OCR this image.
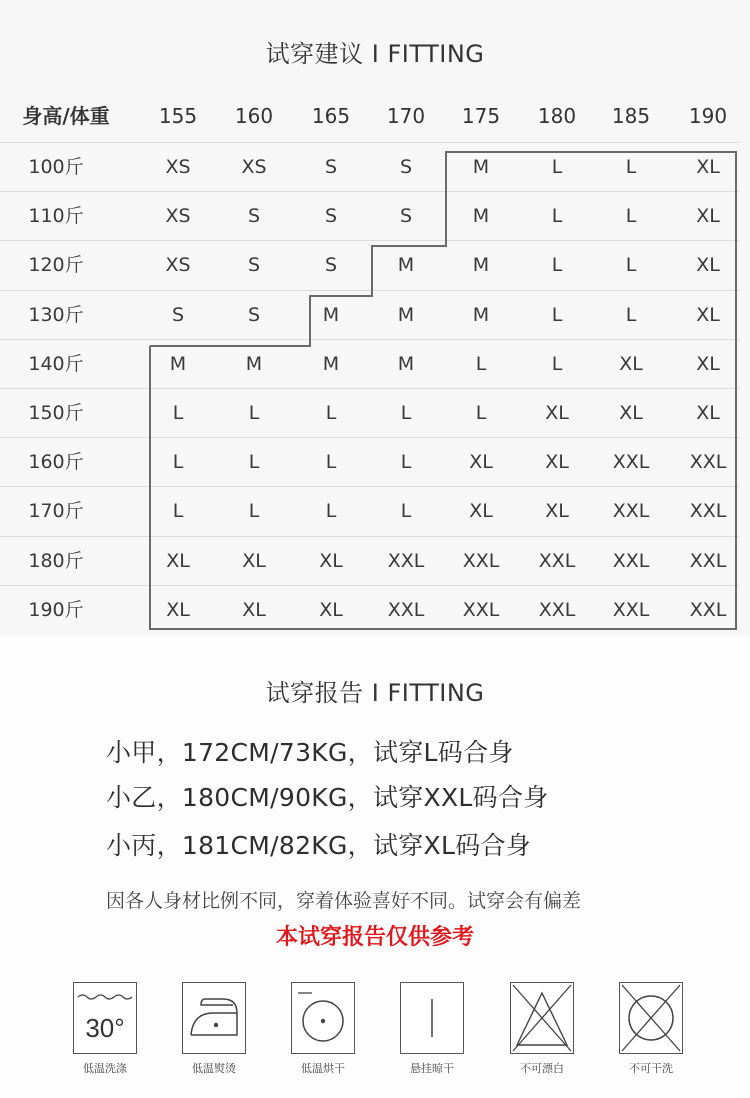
试穿建议 I FITTING
身高/体重	155	160	165	170	175	180	185	190
100斤	XS	XS	S	S	M	L	L	XL
110斤	XS	S	S	S	M	L	L	XL
120斤	XS	S	S	M	M	L	L	XL
130斤	S	S	M	M	M	L	L	XL
140斤	M	M	M	M	L	L	XL	XL
150斤	L	L	L	L	L	XL	XL	XL
160斤	L	L	L	L	XL	XL	XXL	XXL
170斤	L	L	L	L	XL	XL	XXL	XXL
180斤	XL	XL	XL	XXL	XXL	XXL	XXL	XXL
190斤	XL	XL	XL	XXL	XXL	XXL	XXL	XXL
试穿报告 I FITTING
小甲，172CM/73KG，试穿L码合身
小乙，180CM/90KG，试穿XXL码合身
小丙，181CM/82KG，试穿XL码合身
因各人身材比例不同，穿着体验喜好不同。试穿会有偏差
本试穿报告仅供参考
30°
低温洗涤	低温熨烫	低温烘干	悬挂晾干	不可漂白	不可干洗
